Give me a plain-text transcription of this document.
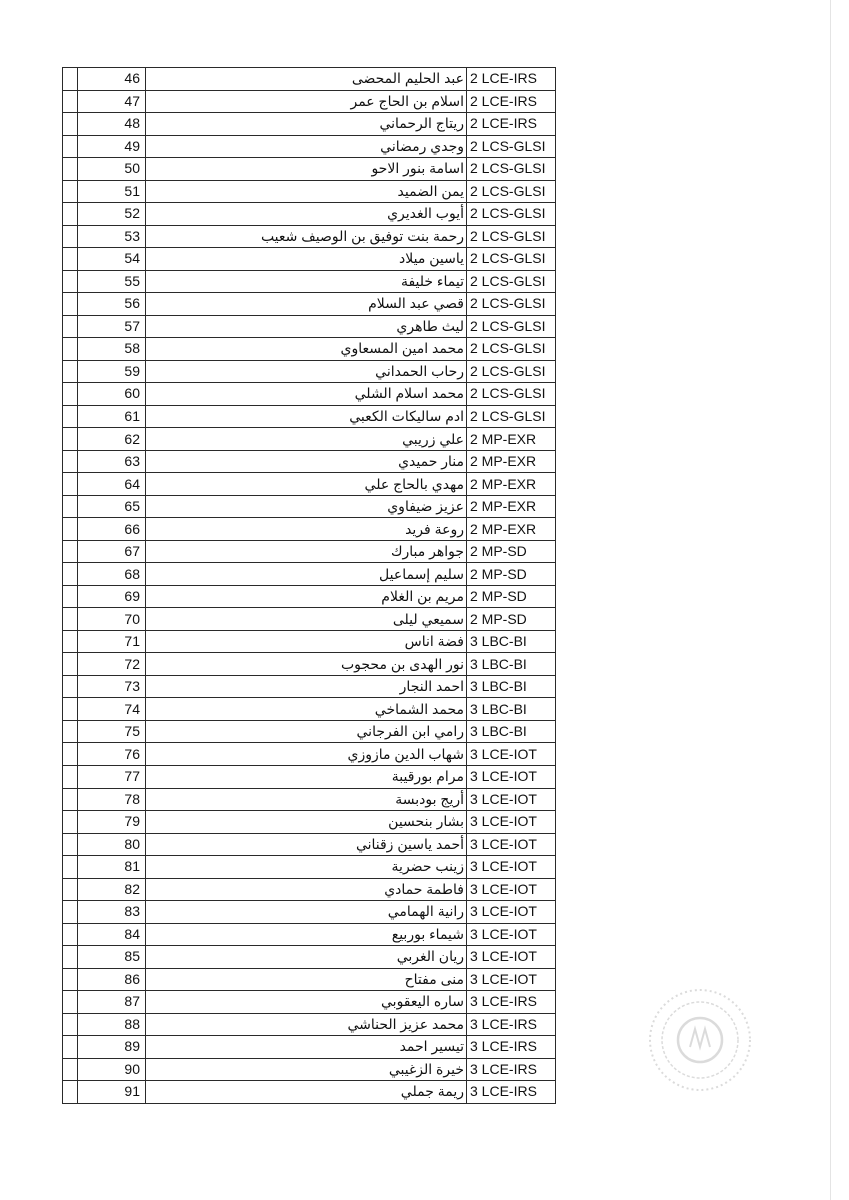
	46	عبد الحليم المحضى	2 LCE-IRS
	47	اسلام بن الحاج عمر	2 LCE-IRS
	48	ريتاج الرحماني	2 LCE-IRS
	49	وجدي رمضاني	2 LCS-GLSI
	50	اسامة بنور الاحو	2 LCS-GLSI
	51	يمن الضميد	2 LCS-GLSI
	52	أيوب الغديري	2 LCS-GLSI
	53	رحمة بنت توفيق بن الوصيف شعيب	2 LCS-GLSI
	54	ياسين ميلاد	2 LCS-GLSI
	55	تيماء خليفة	2 LCS-GLSI
	56	قصي عبد السلام	2 LCS-GLSI
	57	ليث طاهري	2 LCS-GLSI
	58	محمد امين المسعاوي	2 LCS-GLSI
	59	رحاب الحمداني	2 LCS-GLSI
	60	محمد اسلام الشلي	2 LCS-GLSI
	61	ادم ساليكات الكعبي	2 LCS-GLSI
	62	علي زريبي	2 MP-EXR
	63	منار حميدي	2 MP-EXR
	64	مهدي بالحاج علي	2 MP-EXR
	65	عزيز ضيفاوي	2 MP-EXR
	66	روعة فريد	2 MP-EXR
	67	جواهر مبارك	2 MP-SD
	68	سليم إسماعيل	2 MP-SD
	69	مريم بن الغلام	2 MP-SD
	70	سميعي ليلى	2 MP-SD
	71	فضة اناس	3 LBC-BI
	72	نور الهدى بن محجوب	3 LBC-BI
	73	احمد النجار	3 LBC-BI
	74	محمد الشماخي	3 LBC-BI
	75	رامي ابن الفرجاني	3 LBC-BI
	76	شهاب الدين مازوزي	3 LCE-IOT
	77	مرام بورقيبة	3 LCE-IOT
	78	أريج بودبسة	3 LCE-IOT
	79	بشار بنحسين	3 LCE-IOT
	80	أحمد ياسين زقناني	3 LCE-IOT
	81	زينب حضرية	3 LCE-IOT
	82	فاطمة حمادي	3 LCE-IOT
	83	رانية الهمامي	3 LCE-IOT
	84	شيماء بوربيع	3 LCE-IOT
	85	ريان الغربي	3 LCE-IOT
	86	منى مفتاح	3 LCE-IOT
	87	ساره اليعقوبي	3 LCE-IRS
	88	محمد عزيز الحناشي	3 LCE-IRS
	89	تيسير احمد	3 LCE-IRS
	90	خيرة الزغيبي	3 LCE-IRS
	91	ريمة جملي	3 LCE-IRS
